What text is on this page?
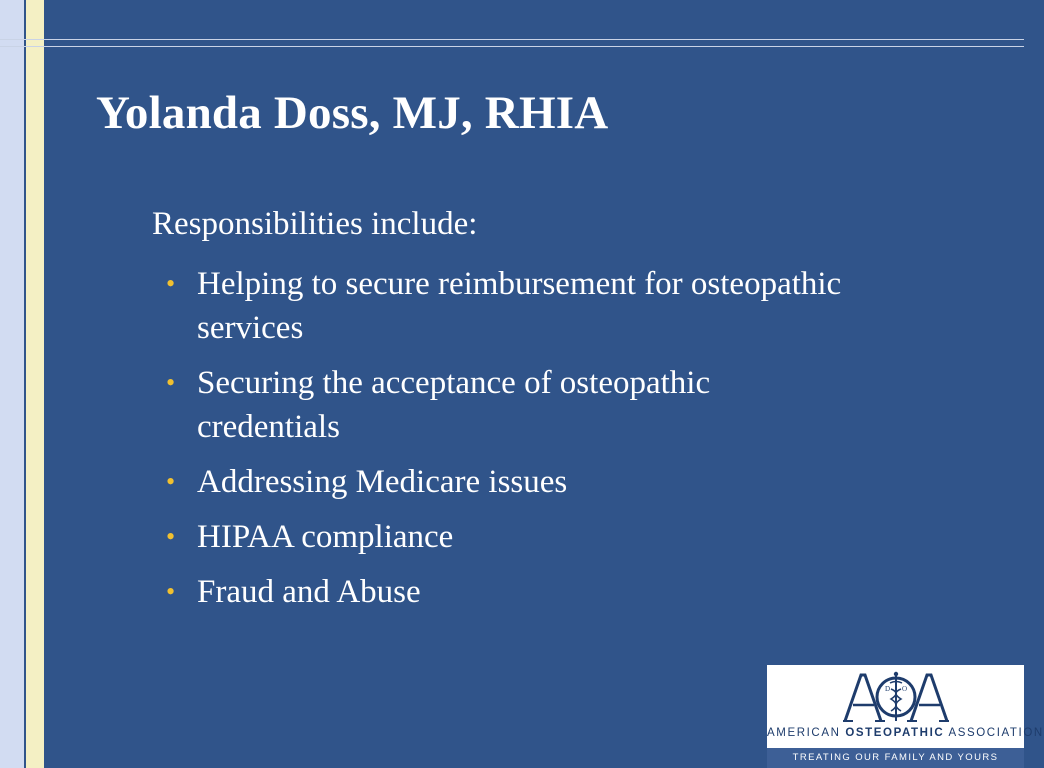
Yolanda Doss, MJ, RHIA
Responsibilities include:
• Helping to secure reimbursement for osteopathic services
• Securing the acceptance of osteopathic credentials
• Addressing Medicare issues
• HIPAA compliance
• Fraud and Abuse
D O
AMERICAN OSTEOPATHIC ASSOCIATION
TREATING OUR FAMILY AND YOURS
